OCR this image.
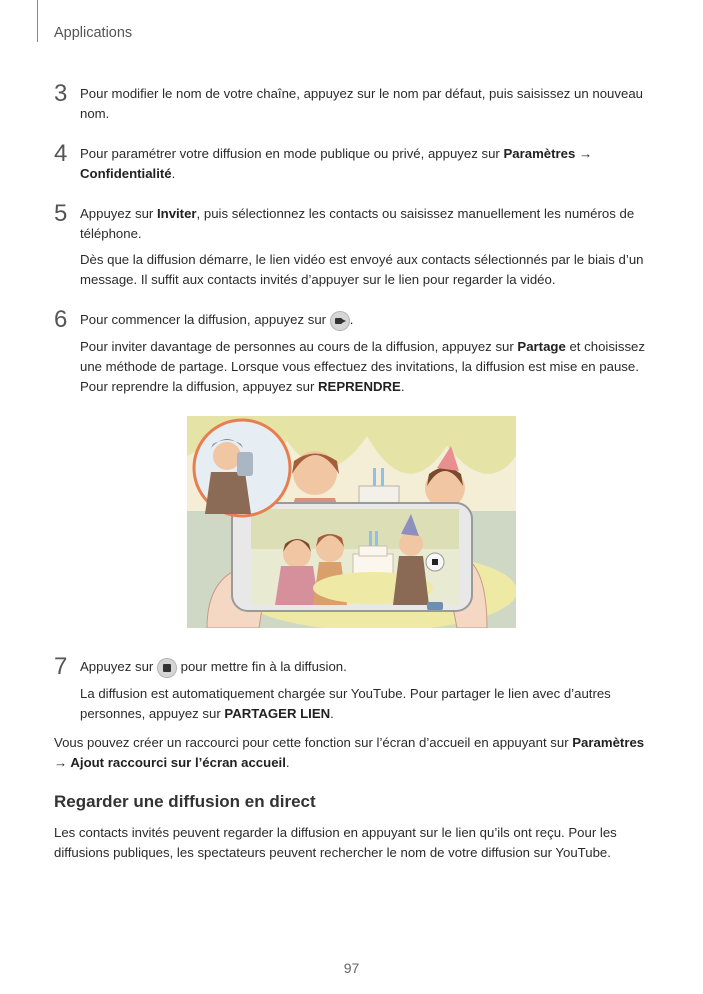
Applications
3 Pour modifier le nom de votre chaîne, appuyez sur le nom par défaut, puis saisissez un nouveau nom.

4 Pour paramétrer votre diffusion en mode publique ou privé, appuyez sur Paramètres → Confidentialité.

5 Appuyez sur Inviter, puis sélectionnez les contacts ou saisissez manuellement les numéros de téléphone.

Dès que la diffusion démarre, le lien vidéo est envoyé aux contacts sélectionnés par le biais d’un message. Il suffit aux contacts invités d’appuyer sur le lien pour regarder la vidéo.

6 Pour commencer la diffusion, appuyez sur
.

Pour inviter davantage de personnes au cours de la diffusion, appuyez sur Partage et choisissez une méthode de partage. Lorsque vous effectuez des invitations, la diffusion est mise en pause. Pour reprendre la diffusion, appuyez sur REPRENDRE.

7 Appuyez sur
pour mettre fin à la diffusion.

La diffusion est automatiquement chargée sur YouTube. Pour partager le lien avec d’autres personnes, appuyez sur PARTAGER LIEN.

Vous pouvez créer un raccourci pour cette fonction sur l’écran d’accueil en appuyant sur Paramètres
→ Ajout raccourci sur l’écran accueil.

Regarder une diffusion en direct

Les contacts invités peuvent regarder la diffusion en appuyant sur le lien qu’ils ont reçu. Pour les diffusions publiques, les spectateurs peuvent rechercher le nom de votre diffusion sur YouTube.

97
